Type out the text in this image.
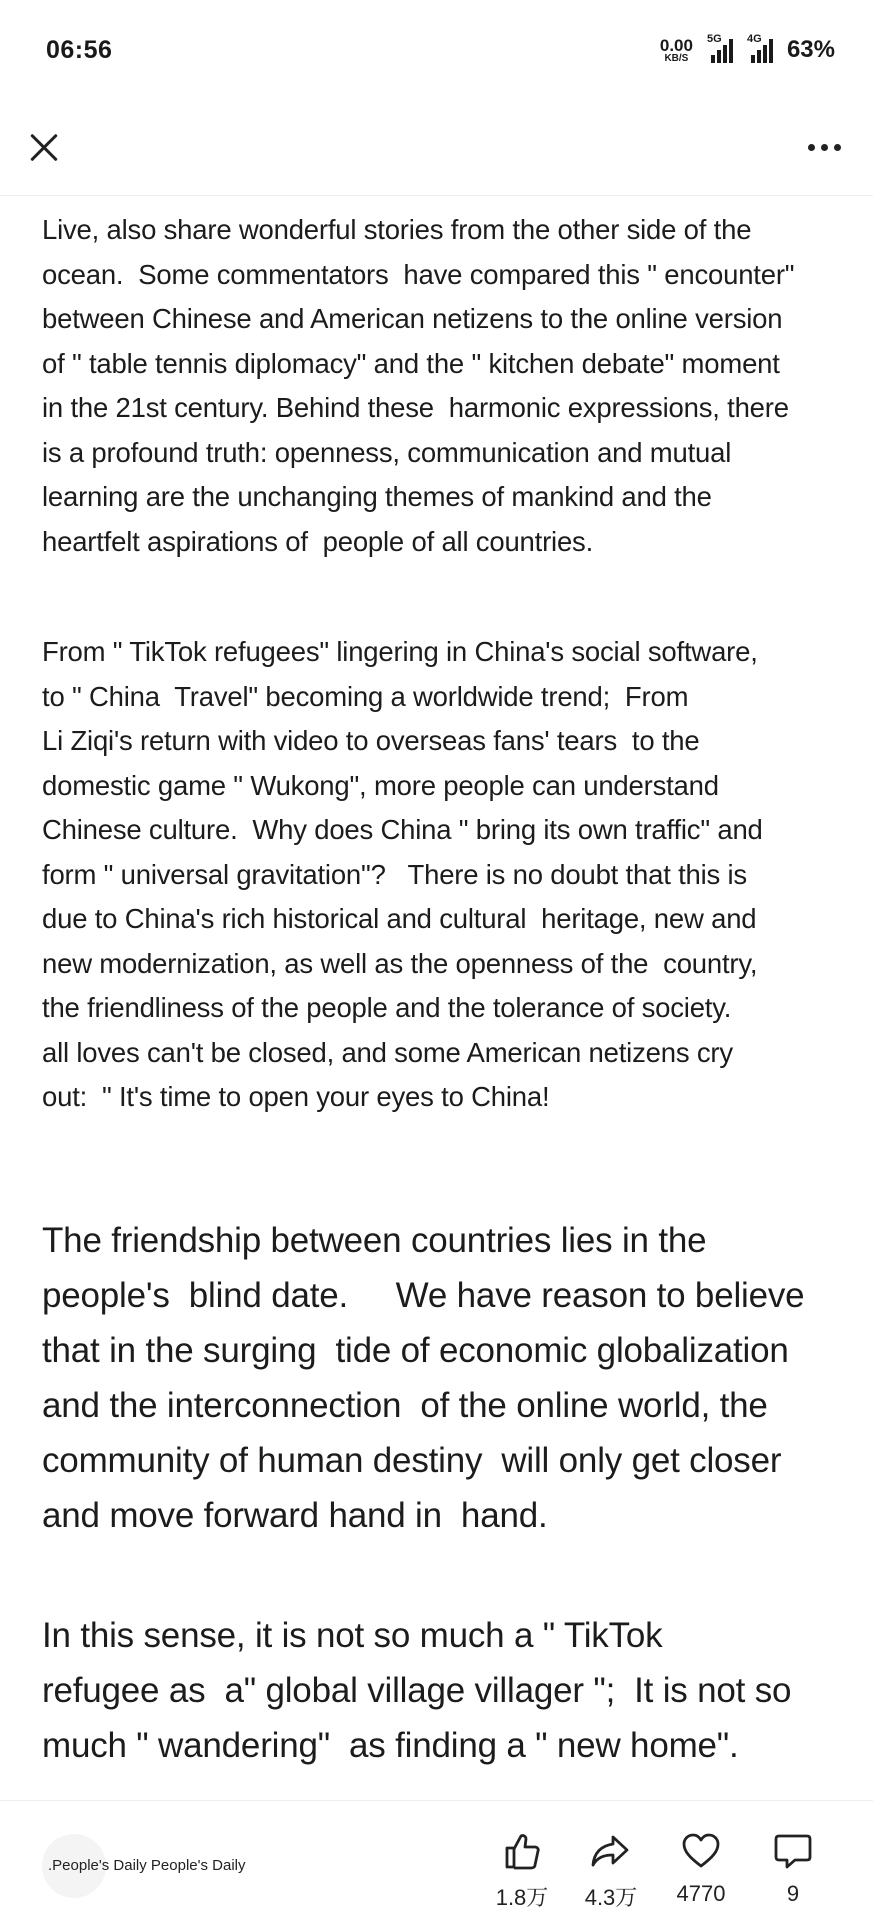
06:56	0.00
KB/S
5G 4G 63%
Live, also share wonderful stories from the other side of the
ocean.  Some commentators  have compared this " encounter"
between Chinese and American netizens to the online version
of " table tennis diplomacy" and the " kitchen debate" moment
in the 21st century. Behind these  harmonic expressions, there
is a profound truth: openness, communication and mutual
learning are the unchanging themes of mankind and the
heartfelt aspirations of  people of all countries.
From " TikTok refugees" lingering in China's social software,
to " China  Travel" becoming a worldwide trend;  From
Li Ziqi's return with video to overseas fans' tears  to the
domestic game " Wukong", more people can understand
Chinese culture.  Why does China " bring its own traffic" and
form " universal gravitation"?   There is no doubt that this is
due to China's rich historical and cultural  heritage, new and
new modernization, as well as the openness of the  country,
the friendliness of the people and the tolerance of society.
all loves can't be closed, and some American netizens cry
out:  " It's time to open your eyes to China!
The friendship between countries lies in the
people's  blind date.     We have reason to believe
that in the surging  tide of economic globalization
and the interconnection  of the online world, the
community of human destiny  will only get closer
and move forward hand in  hand.
In this sense, it is not so much a " TikTok
refugee as  a" global village villager ";  It is not so
much " wandering"  as finding a " new home".
.People's Daily People's Daily
1.8万	4.3万	4770	9
